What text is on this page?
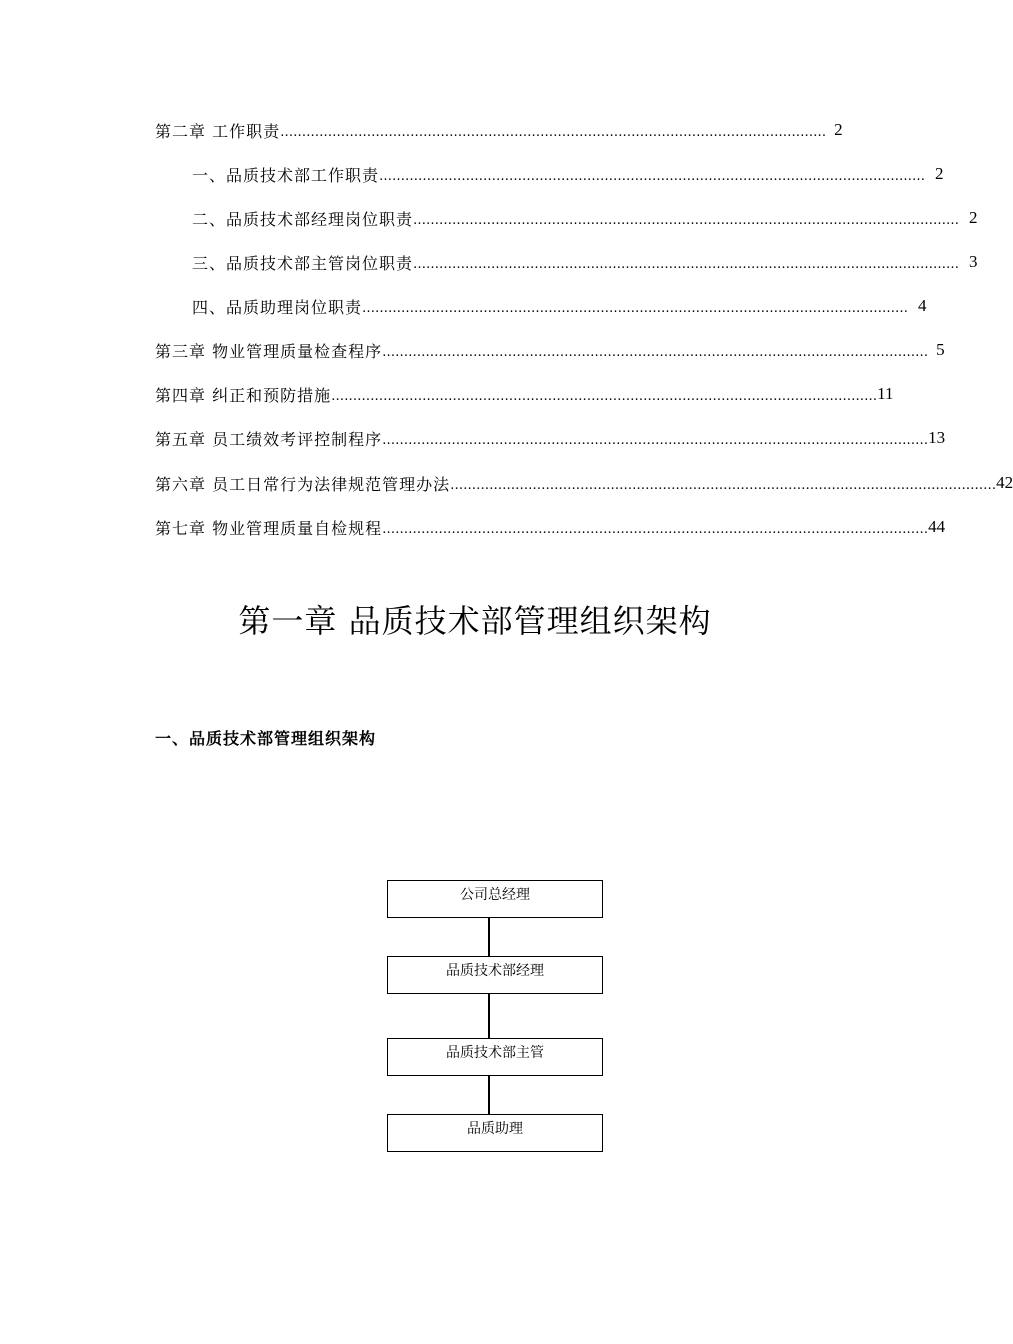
第二章 工作职责 ……………………………………………………………………………………………………………… 2
一、品质技术部工作职责 ……………………………………………………………………………………………………………… 2
二、品质技术部经理岗位职责 ……………………………………………………………………………………………………………… 2
三、品质技术部主管岗位职责 ……………………………………………………………………………………………………………… 3
四、品质助理岗位职责 ……………………………………………………………………………………………………………… 4
第三章 物业管理质量检查程序 ……………………………………………………………………………………………………………… 5
第四章 纠正和预防措施 ……………………………………………………………………………………………………………… 11
第五章 员工绩效考评控制程序 ……………………………………………………………………………………………………………… 13
第六章 员工日常行为法律规范管理办法 ……………………………………………………………………………………………………………… 42
第七章 物业管理质量自检规程 ……………………………………………………………………………………………………………… 44
第一章 品质技术部管理组织架构
一、品质技术部管理组织架构
公司总经理
品质技术部经理
品质技术部主管
品质助理
